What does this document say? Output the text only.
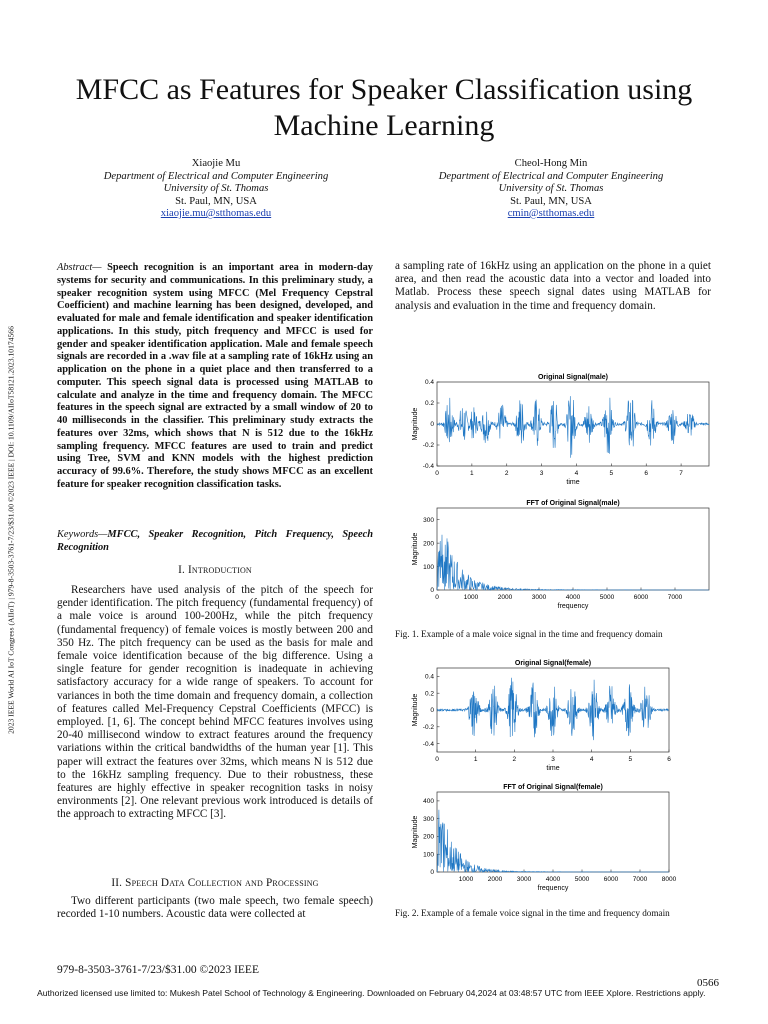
2023 IEEE World AI IoT Congress (AIIoT) | 979-8-3503-3761-7/23/$31.00 ©2023 IEEE | DOI: 10.1109/AIIoT58121.2023.10174566
MFCC as Features for Speaker Classification using
Machine Learning
Xiaojie Mu
Department of Electrical and Computer Engineering
University of St. Thomas
St. Paul, MN, USA
xiaojie.mu@stthomas.edu
Cheol-Hong Min
Department of Electrical and Computer Engineering
University of St. Thomas
St. Paul, MN, USA
cmin@stthomas.edu
Abstract— Speech recognition is an important area in modern-day systems for security and communications. In this preliminary study, a speaker recognition system using MFCC (Mel Frequency Cepstral Coefficient) and machine learning has been designed, developed, and evaluated for male and female identification and speaker identification applications. In this study, pitch frequency and MFCC is used for gender and speaker identification application. Male and female speech signals are recorded in a .wav file at a sampling rate of 16kHz using an application on the phone in a quiet place and then transferred to a computer. This speech signal data is processed using MATLAB to calculate and analyze in the time and frequency domain. The MFCC features in the speech signal are extracted by a small window of 20 to 40 milliseconds in the classifier. This preliminary study extracts the features over 32ms, which shows that N is 512 due to the 16kHz sampling frequency. MFCC features are used to train and predict using Tree, SVM and KNN models with the highest prediction accuracy of 99.6%. Therefore, the study shows MFCC as an excellent feature for speaker recognition classification tasks.
Keywords—MFCC, Speaker Recognition, Pitch Frequency, Speech Recognition
I. Introduction
Researchers have used analysis of the pitch of the speech for gender identification. The pitch frequency (fundamental frequency) of a male voice is around 100-200Hz, while the pitch frequency (fundamental frequency) of female voices is mostly between 200 and 350 Hz. The pitch frequency can be used as the basis for male and female voice identification because of the big difference. Using a single feature for gender recognition is inadequate in achieving satisfactory accuracy for a wide range of speakers. To account for variances in both the time domain and frequency domain, a collection of features called Mel-Frequency Cepstral Coefficients (MFCC) is employed. [1, 6]. The concept behind MFCC features involves using 20-40 millisecond window to extract features around the frequency variations within the critical bandwidths of the human year [1]. This paper will extract the features over 32ms, which means N is 512 due to the 16kHz sampling frequency. Due to their robustness, these features are highly effective in speaker recognition tasks in noisy environments [2]. One relevant previous work introduced is details of the approach to extracting MFCC [3].
II. Speech Data Collection and Processing
Two different participants (two male speech, two female speech) recorded 1-10 numbers. Acoustic data were collected at
a sampling rate of 16kHz using an application on the phone in a quiet area, and then read the acoustic data into a vector and loaded into Matlab. Process these speech signal dates using MATLAB for analysis and evaluation in the time and frequency domain.
Original Signal(male)
time
Magnitude
0	1	2	3	4	5	6	7
0.4
0.2
0
-0.2
-0.4
FFT of Original Signal(male)
frequency
Magnitude
0	1000	2000	3000	4000	5000	6000	7000
300
200
100
0
Fig. 1. Example of a male voice signal in the time and frequency domain
Original Signal(female)
time
Magnitude
0	1	2	3	4	5	6
0.4
0.2
0
-0.2
-0.4
FFT of Original Signal(female)
frequency
Magnitude
1000 2000 3000 4000 5000 6000 7000 8000
400
300
200
100
0
Fig. 2. Example of a female voice signal in the time and frequency domain
979-8-3503-3761-7/23/$31.00 ©2023 IEEE
0566
Authorized licensed use limited to: Mukesh Patel School of Technology & Engineering. Downloaded on February 04,2024 at 03:48:57 UTC from IEEE Xplore. Restrictions apply.
